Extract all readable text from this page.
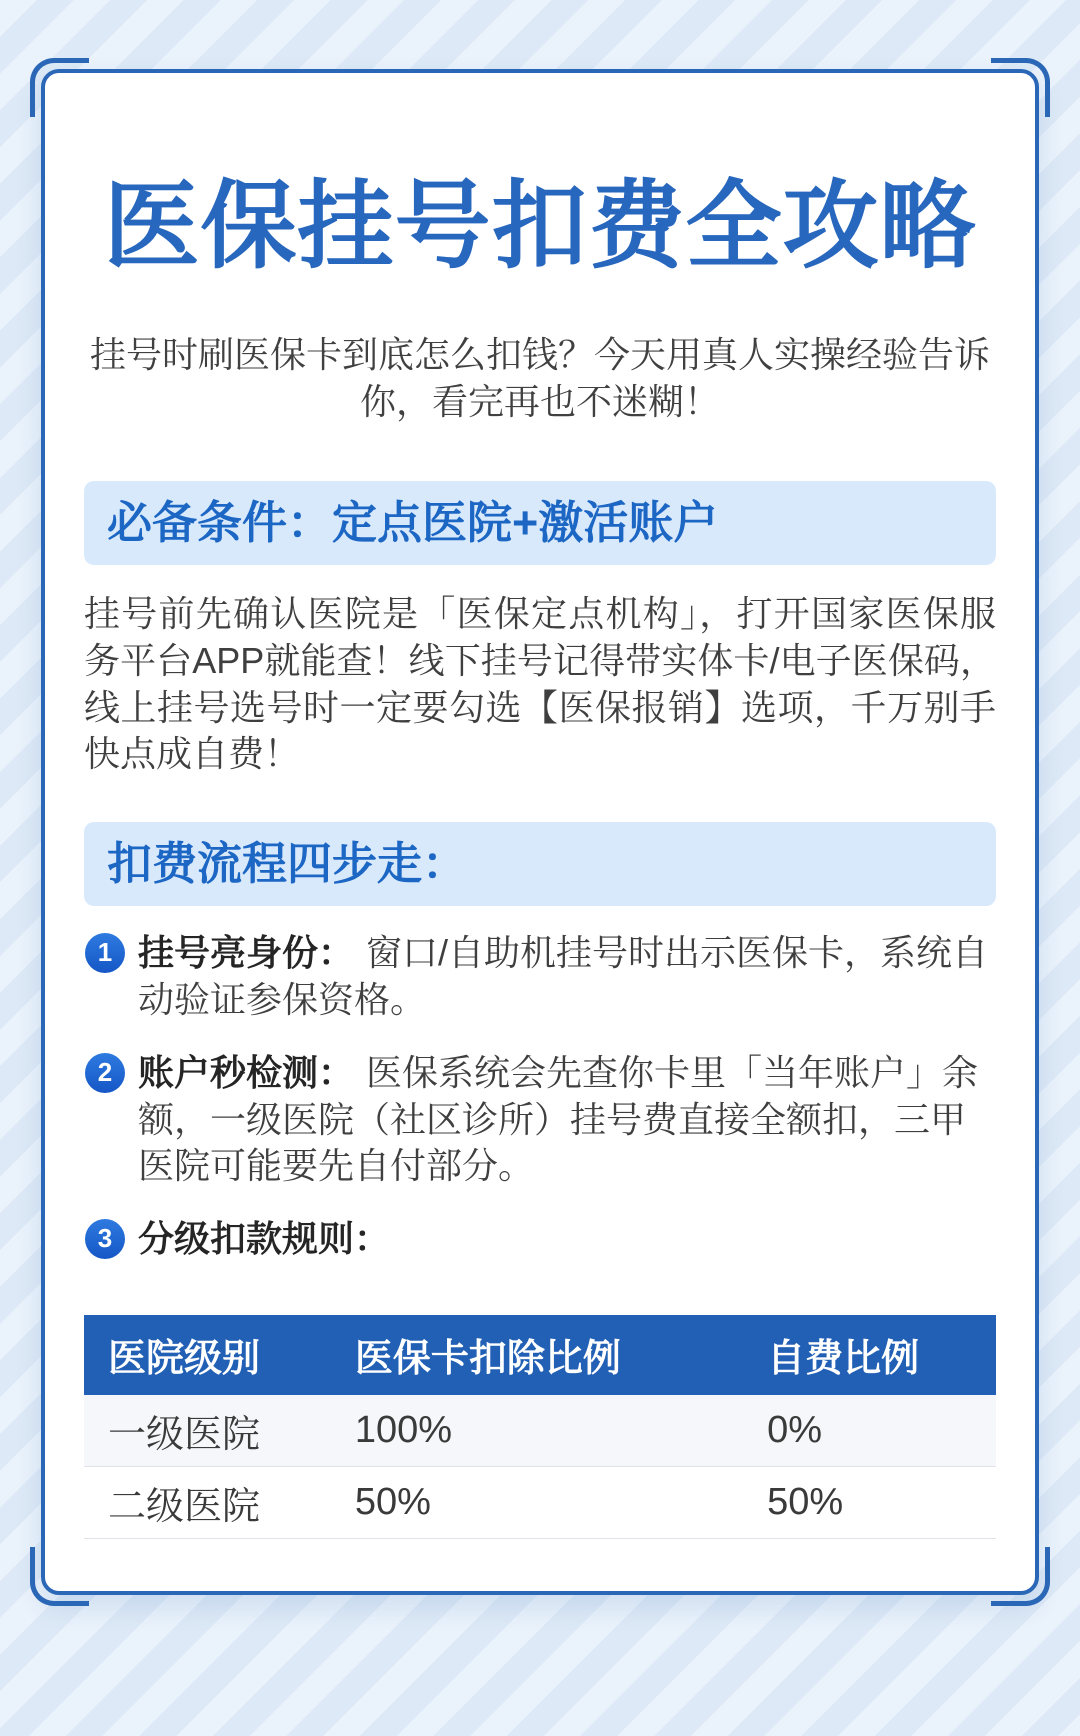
医保挂号扣费全攻略

挂号时刷医保卡到底怎么扣钱？今天用真人实操经验告诉你，看完再也不迷糊！

必备条件：定点医院+激活账户

挂号前先确认医院是「医保定点机构」，打开国家医保服务平台APP就能查！线下挂号记得带实体卡/电子医保码，线上挂号选号时一定要勾选【医保报销】选项，千万别手快点成自费！

扣费流程四步走：
1 挂号亮身份： 窗口/自助机挂号时出示医保卡，系统自动验证参保资格。
2 账户秒检测： 医保系统会先查你卡里「当年账户」余额，一级医院（社区诊所）挂号费直接全额扣，三甲医院可能要先自付部分。
3 分级扣款规则：
医院级别	医保卡扣除比例	自费比例
一级医院	100%	0%
二级医院	50%	50%
